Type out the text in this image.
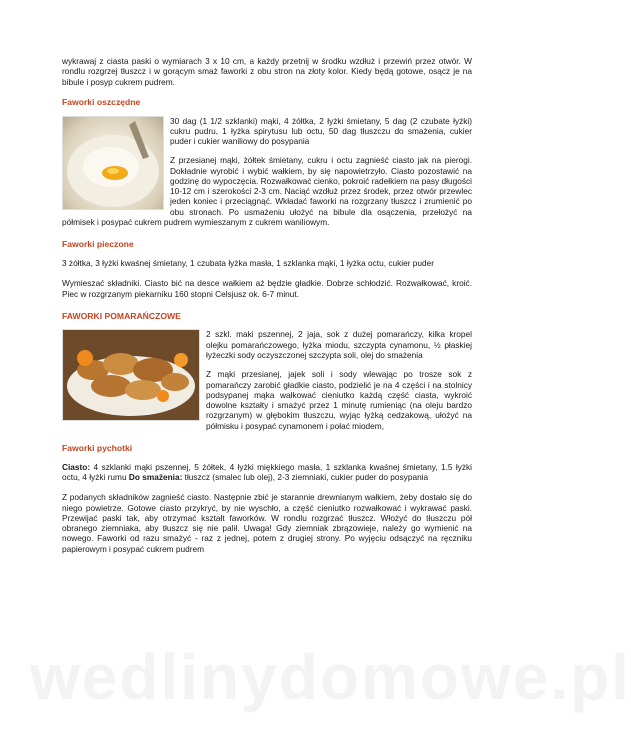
wedlinydomowe.pl

wykrawaj z ciasta paski o wymiarach 3 x 10 cm, a każdy przetnij w środku wzdłuż i przewiń przez otwór. W rondlu rozgrzej tłuszcz i w gorącym smaż faworki z obu stron na złoty kolor. Kiedy będą gotowe, osącz je na bibule i posyp cukrem pudrem.

Faworki oszczędne

30 dag (1 1/2 szklanki) mąki, 4 żółtka, 2 łyżki śmietany, 5 dag (2 czubate łyżki) cukru pudru, 1 łyżka spirytusu lub octu, 50 dag tłuszczu do smażenia, cukier puder i cukier waniliowy do posypania

Z przesianej mąki, żółtek śmietany, cukru i octu zagnieść ciasto jak na pierogi. Dokładnie wyrobić i wybić wałkiem, by się napowietrzyło. Ciasto pozostawić na godzinę do wypoczęcia. Rozwałkować cienko, pokroić radełkiem na pasy długości 10-12 cm i szerokości 2-3 cm. Naciąć wzdłuż przez środek, przez otwór przewlec jeden koniec i przeciągnąć. Wkładać faworki na rozgrzany tłuszcz i zrumienić po obu stronach. Po usmażeniu ułożyć na bibule dla osączenia, przełożyć na półmisek i posypać cukrem pudrem wymieszanym z cukrem waniliowym.

Faworki pieczone

3 żółtka, 3 łyżki kwaśnej śmietany, 1 czubata łyżka masła, 1 szklanka mąki, 1 łyżka octu, cukier puder

Wymieszać składniki. Ciasto bić na desce wałkiem aż będzie gładkie. Dobrze schłodzić. Rozwałkować, kroić. Piec w rozgrzanym piekarniku 160 stopni Celsjusz ok. 6-7 minut.

FAWORKI POMARAŃCZOWE

2 szkl. maki pszennej, 2 jaja, sok z dużej pomarańczy, kilka kropel olejku pomarańczowego, łyżka miodu, szczypta cynamonu, ½ płaskiej łyżeczki sody oczyszczonej szczypta soli, olej do smażenia

Z mąki przesianej, jajek soli i sody wlewając po trosze sok z pomarańczy zarobić gładkie ciasto, podzielić je na 4 części i na stolnicy podsypanej mąka wałkować cieniutko każdą część ciasta, wykroić dowolne kształty i smażyć przez 1 minutę rumieniąc (na oleju bardzo rozgrzanym) w głębokim tłuszczu, wyjąc łyżką cedzakową, ułożyć na półmisku i posypać cynamonem i połać miodem,

Faworki pychotki

Ciasto: 4 szklanki mąki pszennej, 5 żółtek, 4 łyżki miękkiego masła, 1 szklanka kwaśnej śmietany, 1.5 łyżki octu, 4 łyżki rumu Do smażenia: tłuszcz (smalec lub olej), 2-3 ziemniaki, cukier puder do posypania

Z podanych składników zagnieść ciasto. Następnie zbić je starannie drewnianym wałkiem, żeby dostało się do niego powietrze. Gotowe ciasto przykryć, by nie wyschło, a część cieniutko rozwałkować i wykrawać paski. Przewijać paski tak, aby otrzymać kształt faworków. W rondlu rozgrzać tłuszcz. Włożyć do tłuszczu pół obranego ziemniaka, aby tłuszcz się nie palił. Uwaga! Gdy ziemniak zbrązowieje, należy go wymienić na nowego. Faworki od razu smażyć - raz z jednej, potem z drugiej strony. Po wyjęciu odsączyć na ręczniku papierowym i posypać cukrem pudrem
